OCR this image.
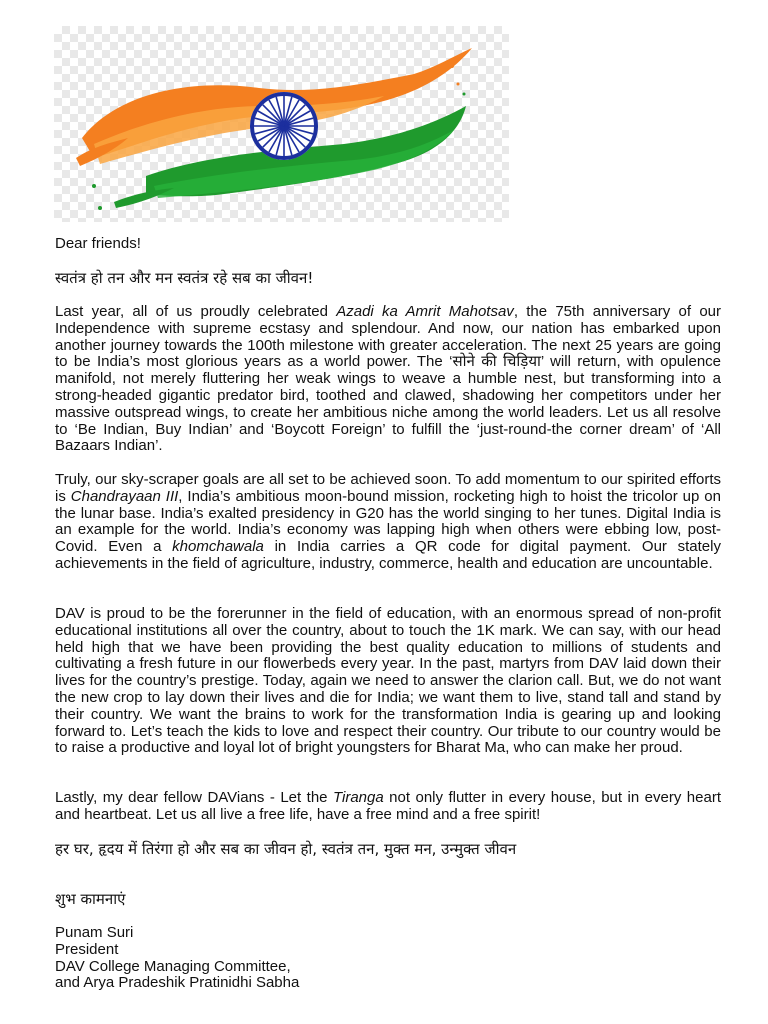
Dear friends!

स्वतंत्र हो तन और मन स्वतंत्र रहे सब का जीवन!

Last year, all of us proudly celebrated Azadi ka Amrit Mahotsav, the 75th anniversary of our Independence with supreme ecstasy and splendour. And now, our nation has embarked upon another journey towards the 100th milestone with greater acceleration. The next 25 years are going to be India’s most glorious years as a world power. The ‘सोने की चिड़िया’ will return, with opulence manifold, not merely fluttering her weak wings to weave a humble nest, but transforming into a strong-headed gigantic predator bird, toothed and clawed, shadowing her competitors under her massive outspread wings, to create her ambitious niche among the world leaders. Let us all resolve to ‘Be Indian, Buy Indian’ and ‘Boycott Foreign’ to fulfill the ‘just-round-the corner dream’ of ‘All Bazaars Indian’.

Truly, our sky-scraper goals are all set to be achieved soon. To add momentum to our spirited efforts is Chandrayaan III, India’s ambitious moon-bound mission, rocketing high to hoist the tricolor up on the lunar base. India’s exalted presidency in G20 has the world singing to her tunes. Digital India is an example for the world. India’s economy was lapping high when others were ebbing low, post-Covid. Even a khomchawala in India carries a QR code for digital payment. Our stately achievements in the field of agriculture, industry, commerce, health and education are uncountable.

DAV is proud to be the forerunner in the field of education, with an enormous spread of non-profit educational institutions all over the country, about to touch the 1K mark. We can say, with our head held high that we have been providing the best quality education to millions of students and cultivating a fresh future in our flowerbeds every year. In the past, martyrs from DAV laid down their lives for the country’s prestige. Today, again we need to answer the clarion call. But, we do not want the new crop to lay down their lives and die for India; we want them to live, stand tall and stand by their country. We want the brains to work for the transformation India is gearing up and looking forward to. Let’s teach the kids to love and respect their country. Our tribute to our country would be to raise a productive and loyal lot of bright youngsters for Bharat Ma, who can make her proud.

Lastly, my dear fellow DAVians - Let the Tiranga not only flutter in every house, but in every heart and heartbeat. Let us all live a free life, have a free mind and a free spirit!

हर घर, हृदय में तिरंगा हो और सब का जीवन हो, स्वतंत्र तन, मुक्त मन, उन्मुक्त जीवन

शुभ कामनाएं

Punam Suri
President
DAV College Managing Committee,
and Arya Pradeshik Pratinidhi Sabha
